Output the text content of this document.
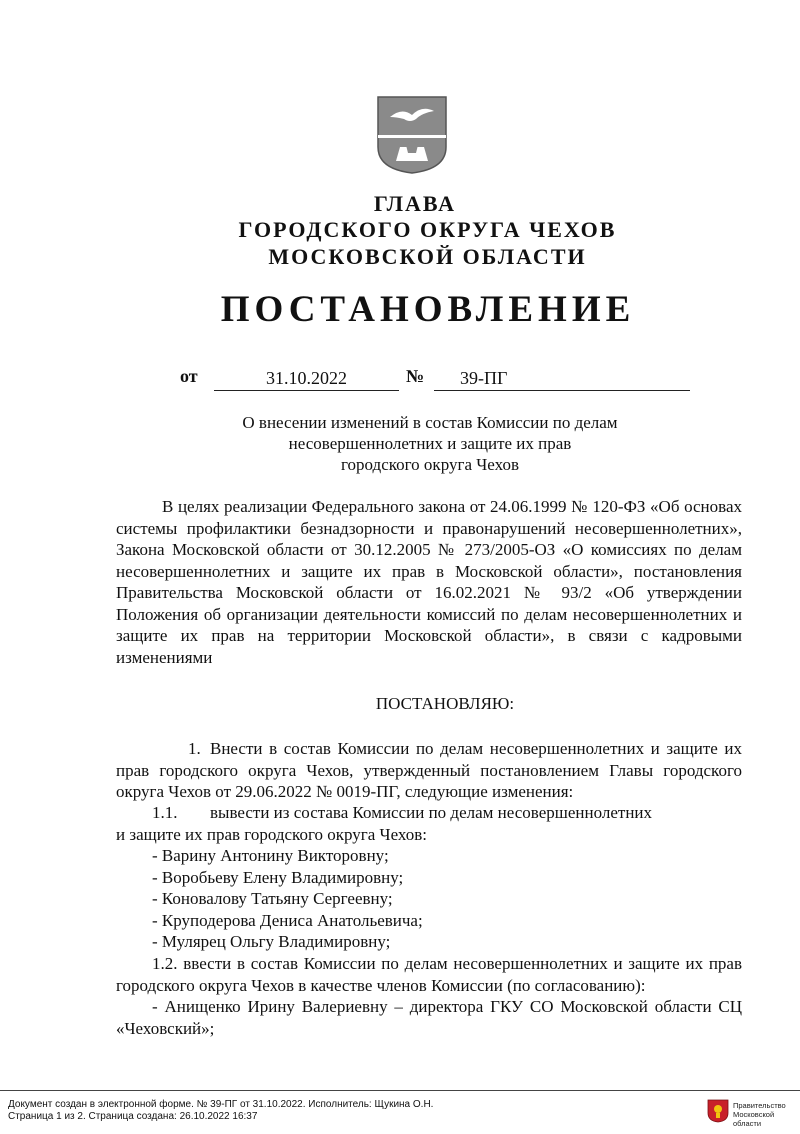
ГЛАВА
ГОРОДСКОГО ОКРУГА ЧЕХОВ
МОСКОВСКОЙ ОБЛАСТИ
ПОСТАНОВЛЕНИЕ
от	31.10.2022	№	39-ПГ
О внесении изменений в состав Комиссии по делам
несовершеннолетних и защите их прав
городского округа Чехов
В целях реализации Федерального закона от 24.06.1999 № 120-ФЗ «Об основах системы профилактики безнадзорности и правонарушений несовершеннолетних», Закона Московской области от 30.12.2005 № 273/2005-ОЗ «О комиссиях по делам несовершеннолетних и защите их прав в Московской области», постановления Правительства Московской области от 16.02.2021 № 93/2 «Об утверждении Положения об организации деятельности комиссий по делам несовершеннолетних и защите их прав на территории Московской области», в связи с кадровыми изменениями
ПОСТАНОВЛЯЮ:
1. Внести в состав Комиссии по делам несовершеннолетних и защите их прав городского округа Чехов, утвержденный постановлением Главы городского округа Чехов от 29.06.2022 № 0019-ПГ, следующие изменения:
1.1. вывести из состава Комиссии по делам несовершеннолетних
и защите их прав городского округа Чехов:
- Варину Антонину Викторовну;
- Воробьеву Елену Владимировну;
- Коновалову Татьяну Сергеевну;
- Круподерова Дениса Анатольевича;
- Мулярец Ольгу Владимировну;
1.2. ввести в состав Комиссии по делам несовершеннолетних и защите их прав городского округа Чехов в качестве членов Комиссии (по согласованию):
- Анищенко Ирину Валериевну – директора ГКУ СО Московской области СЦ «Чеховский»;
Документ создан в электронной форме. № 39-ПГ от 31.10.2022. Исполнитель: Щукина О.Н.
Страница 1 из 2. Страница создана: 26.10.2022 16:37
Правительство
Московской области
